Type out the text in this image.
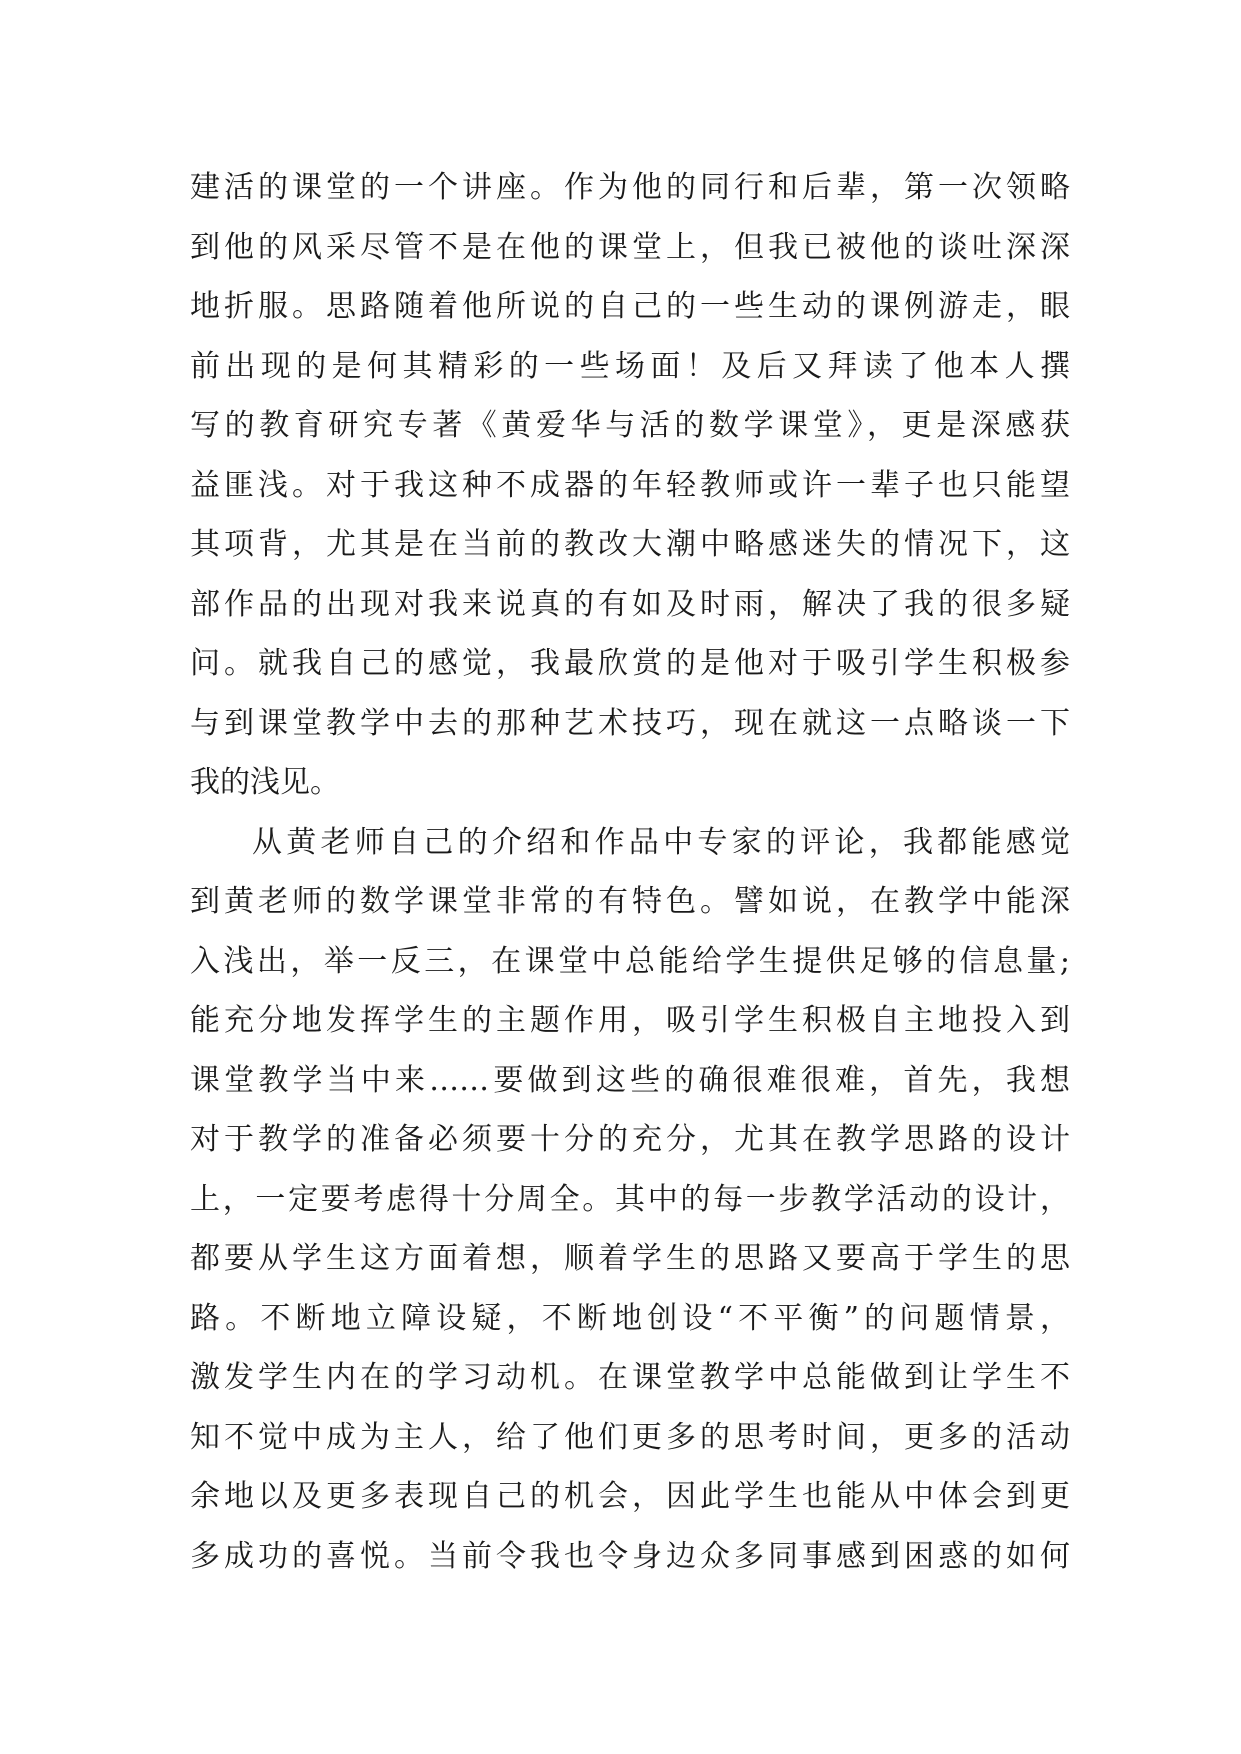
建活的课堂的一个讲座。作为他的同行和后辈，第一次领略
到他的风采尽管不是在他的课堂上，但我已被他的谈吐深深
地折服。思路随着他所说的自己的一些生动的课例游走，眼
前出现的是何其精彩的一些场面！及后又拜读了他本人撰
写的教育研究专著《黄爱华与活的数学课堂》，更是深感获
益匪浅。对于我这种不成器的年轻教师或许一辈子也只能望
其项背，尤其是在当前的教改大潮中略感迷失的情况下，这
部作品的出现对我来说真的有如及时雨，解决了我的很多疑
问。就我自己的感觉，我最欣赏的是他对于吸引学生积极参
与到课堂教学中去的那种艺术技巧，现在就这一点略谈一下
我的浅见。
从黄老师自己的介绍和作品中专家的评论，我都能感觉
到黄老师的数学课堂非常的有特色。譬如说，在教学中能深
入浅出，举一反三，在课堂中总能给学生提供足够的信息量;
能充分地发挥学生的主题作用，吸引学生积极自主地投入到
课堂教学当中来……要做到这些的确很难很难，首先，我想
对于教学的准备必须要十分的充分，尤其在教学思路的设计
上，一定要考虑得十分周全。其中的每一步教学活动的设计，
都要从学生这方面着想，顺着学生的思路又要高于学生的思
路。不断地立障设疑，不断地创设“不平衡”的问题情景，
激发学生内在的学习动机。在课堂教学中总能做到让学生不
知不觉中成为主人，给了他们更多的思考时间，更多的活动
余地以及更多表现自己的机会，因此学生也能从中体会到更
多成功的喜悦。当前令我也令身边众多同事感到困惑的如何
